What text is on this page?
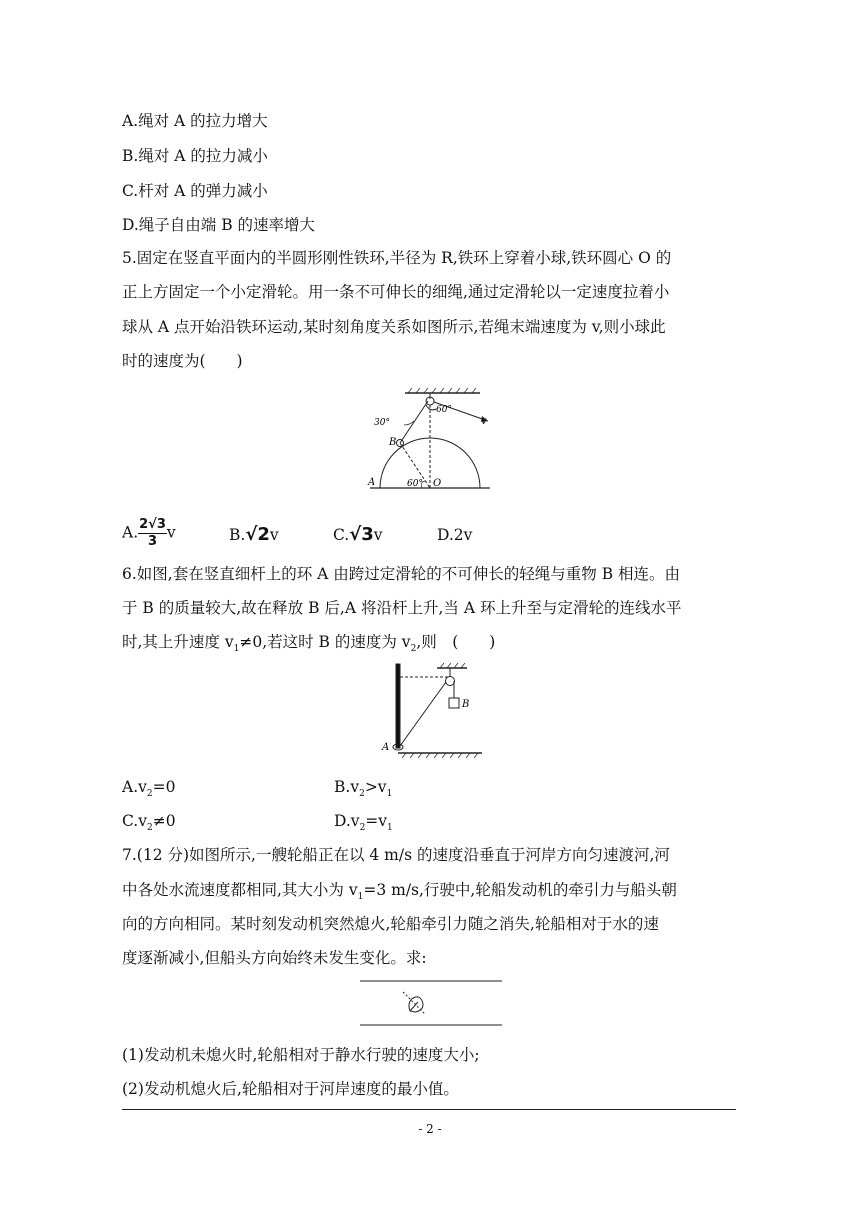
A.绳对 A 的拉力增大
B.绳对 A 的拉力减小
C.杆对 A 的弹力减小
D.绳子自由端 B 的速率增大
5.固定在竖直平面内的半圆形刚性铁环,半径为 R,铁环上穿着小球,铁环圆心 O 的
正上方固定一个小定滑轮。用一条不可伸长的细绳,通过定滑轮以一定速度拉着小
球从 A 点开始沿铁环运动,某时刻角度关系如图所示,若绳末端速度为 v,则小球此
时的速度为(　　)
60°
30°
60°
v
A
B
O
A. $\frac{2√3}{3}$ v	B.√2v	C.√3v	D.2v
6.如图,套在竖直细杆上的环 A 由跨过定滑轮的不可伸长的轻绳与重物 B 相连。由
于 B 的质量较大,故在释放 B 后,A 将沿杆上升,当 A 环上升至与定滑轮的连线水平
时,其上升速度 $v_1\ne 0$,若这时 B 的速度为 $v_2$,则　(　　)
A
B
$A.v_2=0$	$B.v_2>v_1$
$C.v_2\ne 0$	$D.v_2=v_1$
7.(12 分)如图所示,一艘轮船正在以 4 m/s 的速度沿垂直于河岸方向匀速渡河,河
中各处水流速度都相同,其大小为 $v_1=3$ m/s,行驶中,轮船发动机的牵引力与船头朝
向的方向相同。某时刻发动机突然熄火,轮船牵引力随之消失,轮船相对于水的速
度逐渐减小,但船头方向始终未发生变化。求:
(1)发动机未熄火时,轮船相对于静水行驶的速度大小;
(2)发动机熄火后,轮船相对于河岸速度的最小值。
- 2 -
